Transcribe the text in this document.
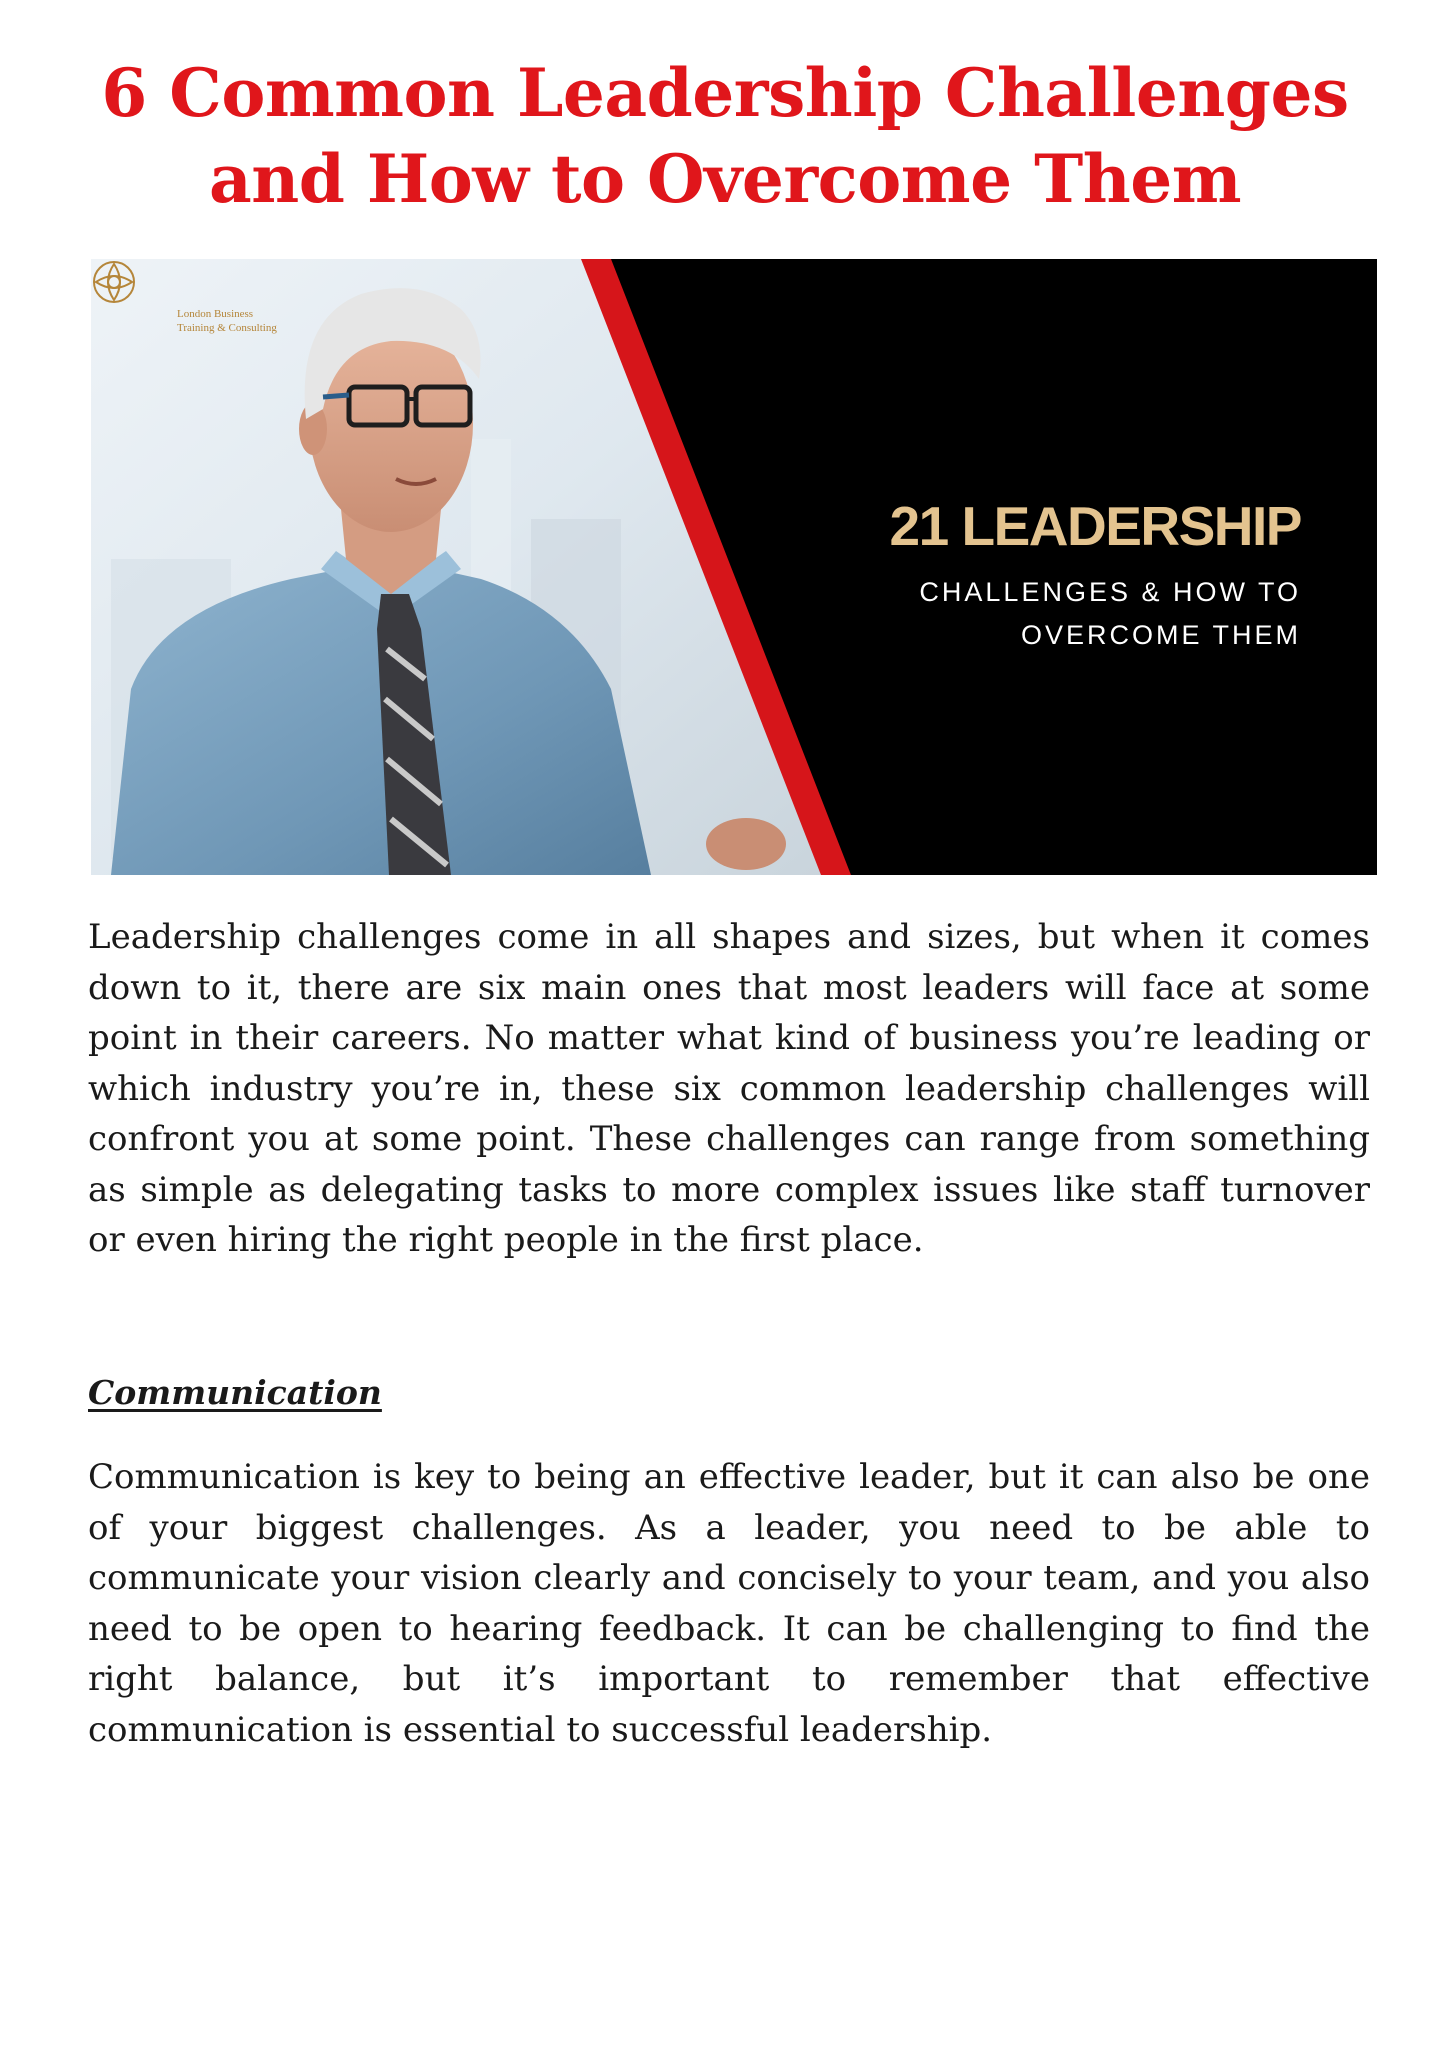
6 Common Leadership Challenges
and How to Overcome Them
London Business
Training & Consulting
21 LEADERSHIP
CHALLENGES & HOW TO
OVERCOME THEM

Leadership challenges come in all shapes and sizes, but when it comes down to it, there are six main ones that most leaders will face at some point in their careers. No matter what kind of business you’re leading or which industry you’re in, these six common leadership challenges will confront you at some point. These challenges can range from something as simple as delegating tasks to more complex issues like staff turnover or even hiring the right people in the first place.

Communication

Communication is key to being an effective leader, but it can also be one of your biggest challenges. As a leader, you need to be able to communicate your vision clearly and concisely to your team, and you also need to be open to hearing feedback. It can be challenging to find the right balance, but it’s important to remember that effective communication is essential to successful leadership.
